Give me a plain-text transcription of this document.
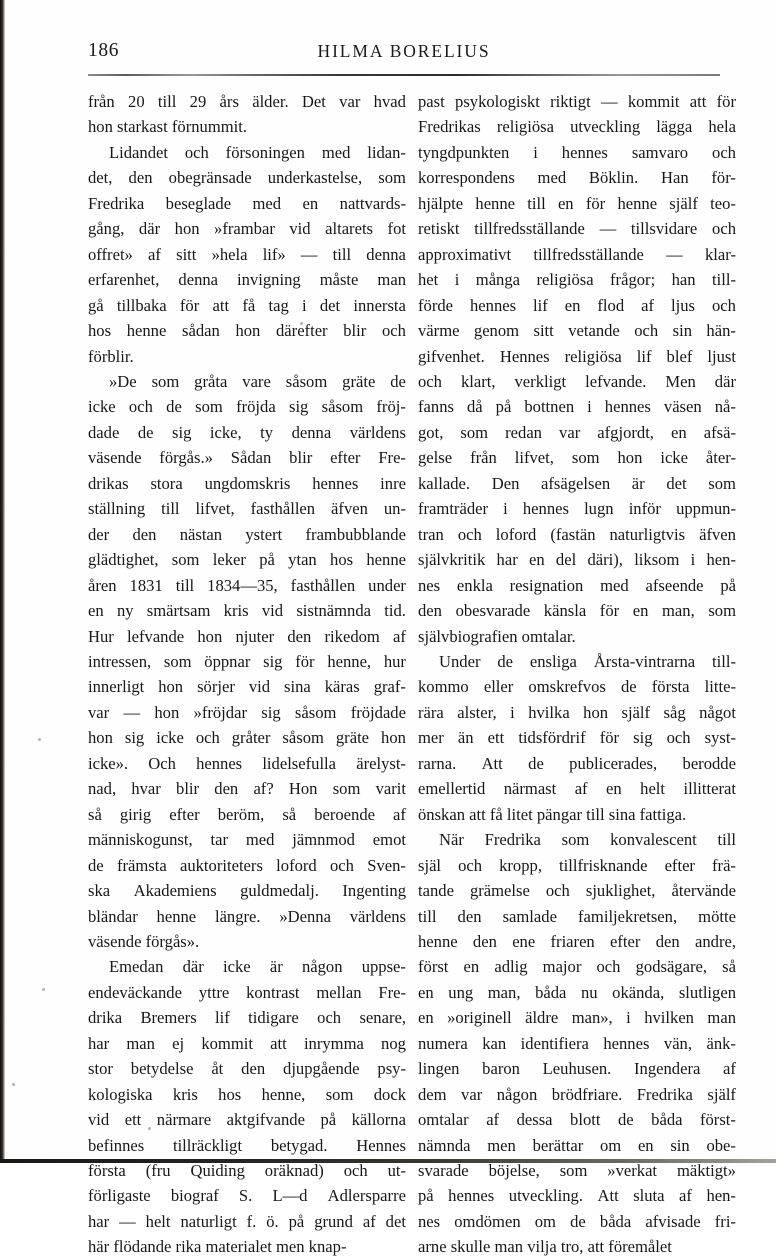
186	HILMA BORELIUS

från 20 till 29 års älder. Det var hvad
hon starkast förnummit.

Lidandet och försoningen med lidan-
det, den obegränsade underkastelse, som
Fredrika beseglade med en nattvards-
gång, där hon »frambar vid altarets fot
offret» af sitt »hela lif» — till denna
erfarenhet, denna invigning måste man
gå tillbaka för att få tag i det innersta
hos henne sådan hon därefter blir och
förblir.

»De som gråta vare såsom gräte de
icke och de som fröjda sig såsom fröj-
dade de sig icke, ty denna världens
väsende förgås.» Sådan blir efter Fre-
drikas stora ungdomskris hennes inre
ställning till lifvet, fasthållen äfven un-
der den nästan ystert frambubblande
glädtighet, som leker på ytan hos henne
åren 1831 till 1834—35, fasthållen under
en ny smärtsam kris vid sistnämnda tid.
Hur lefvande hon njuter den rikedom af
intressen, som öppnar sig för henne, hur
innerligt hon sörjer vid sina käras graf-
var — hon »fröjdar sig såsom fröjdade
hon sig icke och gråter såsom gräte hon
icke». Och hennes lidelsefulla ärelyst-
nad, hvar blir den af? Hon som varit
så girig efter beröm, så beroende af
människogunst, tar med jämnmod emot
de främsta auktoriteters loford och Sven-
ska Akademiens guldmedalj. Ingenting
bländar henne längre. »Denna världens
väsende förgås».

Emedan där icke är någon uppse-
endeväckande yttre kontrast mellan Fre-
drika Bremers lif tidigare och senare,
har man ej kommit att inrymma nog
stor betydelse åt den djupgående psy-
kologiska kris hos henne, som dock
vid ett närmare aktgifvande på källorna
befinnes tillräckligt betygad. Hennes
första (fru Quiding oräknad) och ut-
förligaste biograf S. L—d Adlersparre
har — helt naturligt f. ö. på grund af det
här flödande rika materialet men knap-

past psykologiskt riktigt — kommit att för
Fredrikas religiösa utveckling lägga hela
tyngdpunkten i hennes samvaro och
korrespondens med Böklin. Han för-
hjälpte henne till en för henne själf teo-
retiskt tillfredsställande — tillsvidare och
approximativt tillfredsställande — klar-
het i många religiösa frågor; han till-
förde hennes lif en flod af ljus och
värme genom sitt vetande och sin hän-
gifvenhet. Hennes religiösa lif blef ljust
och klart, verkligt lefvande. Men där
fanns då på bottnen i hennes väsen nå-
got, som redan var afgjordt, en afsä-
gelse från lifvet, som hon icke åter-
kallade. Den afsägelsen är det som
framträder i hennes lugn inför uppmun-
tran och loford (fastän naturligtvis äfven
självkritik har en del däri), liksom i hen-
nes enkla resignation med afseende på
den obesvarade känsla för en man, som
självbiografien omtalar.

Under de ensliga Årsta-vintrarna till-
kommo eller omskrefvos de första litte-
rära alster, i hvilka hon själf såg något
mer än ett tidsfördrif för sig och syst-
rarna. Att de publicerades, berodde
emellertid närmast af en helt illitterat
önskan att få litet pängar till sina fattiga.

När Fredrika som konvalescent till
själ och kropp, tillfrisknande efter frä-
tande grämelse och sjuklighet, återvände
till den samlade familjekretsen, mötte
henne den ene friaren efter den andre,
först en adlig major och godsägare, så
en ung man, båda nu okända, slutligen
en »originell äldre man», i hvilken man
numera kan identifiera hennes vän, änk-
lingen baron Leuhusen. Ingendera af
dem var någon brödfriare. Fredrika själf
omtalar af dessa blott de båda först-
nämnda men berättar om en sin obe-
svarade böjelse, som »verkat mäktigt»
på hennes utveckling. Att sluta af hen-
nes omdömen om de båda afvisade fri-
arne skulle man vilja tro, att föremålet
